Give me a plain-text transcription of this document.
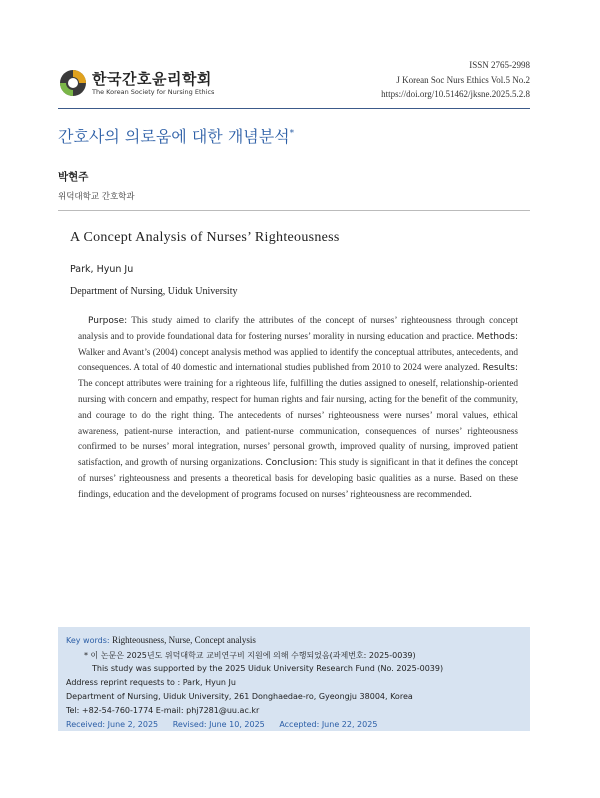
한국간호윤리학회
The Korean Society for Nursing Ethics
ISSN 2765-2998
J Korean Soc Nurs Ethics Vol.5 No.2
https://doi.org/10.51462/jksne.2025.5.2.8
간호사의 의로움에 대한 개념분석*
박현주
위덕대학교 간호학과
A Concept Analysis of Nurses’ Righteousness
Park, Hyun Ju
Department of Nursing, Uiduk University
Purpose: This study aimed to clarify the attributes of the concept of nurses’ righteousness through concept analysis and to provide foundational data for fostering nurses’ morality in nursing education and practice. Methods: Walker and Avant’s (2004) concept analysis method was applied to identify the conceptual attributes, antecedents, and consequences. A total of 40 domestic and international studies published from 2010 to 2024 were analyzed. Results: The concept attributes were training for a righteous life, fulfilling the duties assigned to oneself, relationship-oriented nursing with concern and empathy, respect for human rights and fair nursing, acting for the benefit of the community, and courage to do the right thing. The antecedents of nurses’ righteousness were nurses’ moral values, ethical awareness, patient-nurse interaction, and patient-nurse communication, consequences of nurses’ righteousness confirmed to be nurses’ moral integration, nurses’ personal growth, improved quality of nursing, improved patient satisfaction, and growth of nursing organizations. Conclusion: This study is significant in that it defines the concept of nurses’ righteousness and presents a theoretical basis for developing basic qualities as a nurse. Based on these findings, education and the development of programs focused on nurses’ righteousness are recommended.
Key words: Righteousness, Nurse, Concept analysis
* 이 논문은 2025년도 위덕대학교 교비연구비 지원에 의해 수행되었음(과제번호: 2025-0039)
This study was supported by the 2025 Uiduk University Research Fund (No. 2025-0039)
Address reprint requests to : Park, Hyun Ju
Department of Nursing, Uiduk University, 261 Donghaedae-ro, Gyeongju 38004, Korea
Tel: +82-54-760-1774 E-mail: phj7281@uu.ac.kr
Received: June 2, 2025 Revised: June 10, 2025 Accepted: June 22, 2025
